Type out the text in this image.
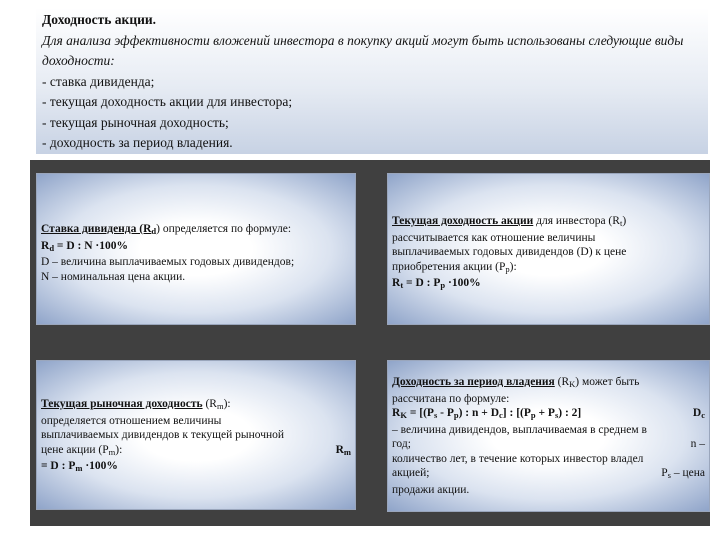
Доходность акции.
Для анализа эффективности вложений инвестора в покупку акций могут быть использованы следующие виды доходности:
- ставка дивиденда;
- текущая доходность акции для инвестора;
- текущая рыночная доходность;
- доходность за период владения.
Ставка дивиденда $(R_d)$ определяется по формуле:
$R_d = D$ : N ·100%
D – величина выплачиваемых годовых дивидендов;
N – номинальная цена акции.
Текущая доходность акции для инвестора $(R_t)$
рассчитывается как отношение величины
выплачиваемых годовых дивидендов (D) к цене
приобретения акции $(P_p)$:
$R_t = D$ : $P_p \cdot 100\%$
Текущая рыночная доходность $(R_m)$:
определяется отношением величины
выплачиваемых дивидендов к текущей рыночной
цене акции $(P_m)$:	$R_m$
= D : $P_m \cdot 100\%$
Доходность за период владения $(R_K)$ может быть
рассчитана по формуле:
$R_K = [(P_s - P_p)$ : $n + D_c$] : [$(P_p + P_s)$ : 2]	$D_c$
– величина дивидендов, выплачиваемая в среднем в
год;	n –
количество лет, в течение которых инвестор владел
акцией;	$P_s$ – цена
продажи акции.
